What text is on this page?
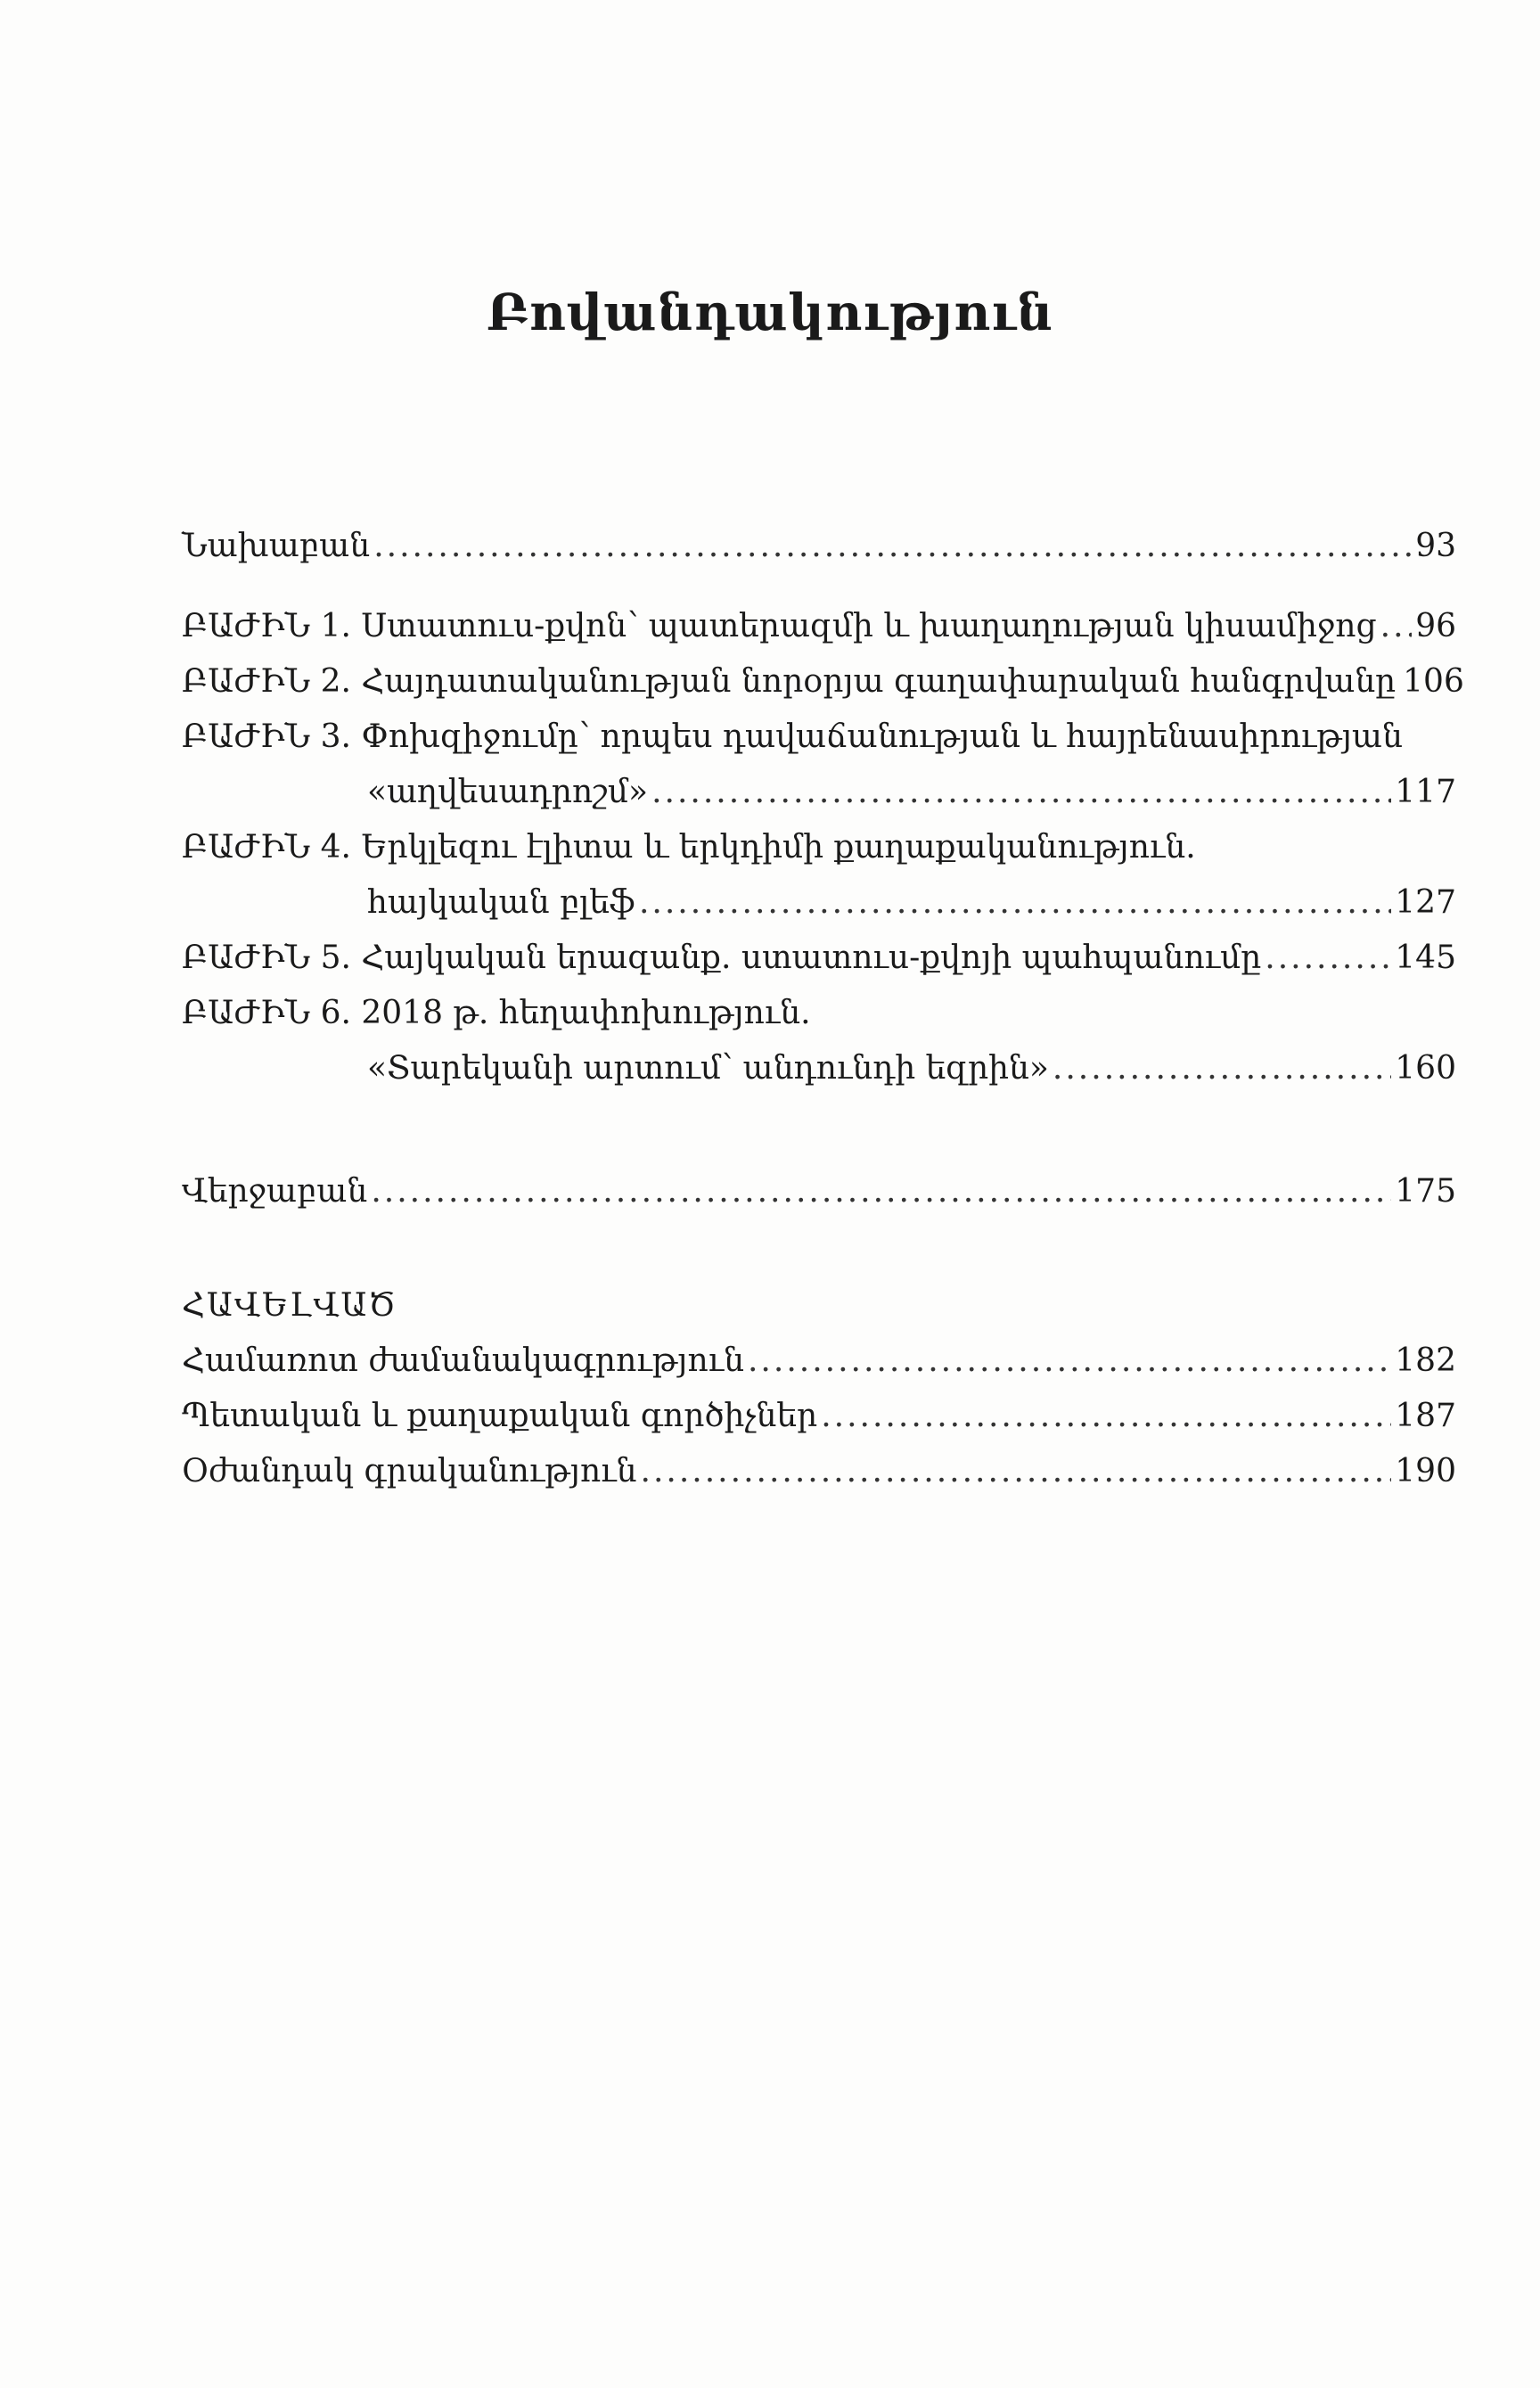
Բովանդակություն
Նախաբան .....	93
ԲԱԺԻՆ 1. Ստատուս-քվոն՝ պատերազմի և խաղաղության կիսամիջոց ..... 96
ԲԱԺԻՆ 2. Հայդատականության նորօրյա գաղափարական հանգրվանը 106
ԲԱԺԻՆ 3. Փոխզիջումը՝ որպես դավաճանության և հայրենասիրության
«աղվեսադրոշմ» .....	117
ԲԱԺԻՆ 4. Երկլեզու էլիտա և երկդիմի քաղաքականություն.
հայկական բլեֆ .....	127
ԲԱԺԻՆ 5. Հայկական երազանք. ստատուս-քվոյի պահպանումը .....	145
ԲԱԺԻՆ 6. 2018 թ. հեղափոխություն.
«Տարեկանի արտում՝ անդունդի եզրին» .....	160
Վերջաբան .....	175
ՀԱՎԵԼՎԱԾ
Համառոտ ժամանակագրություն .....	182
Պետական և քաղաքական գործիչներ .....	187
Օժանդակ գրականություն .....	190
